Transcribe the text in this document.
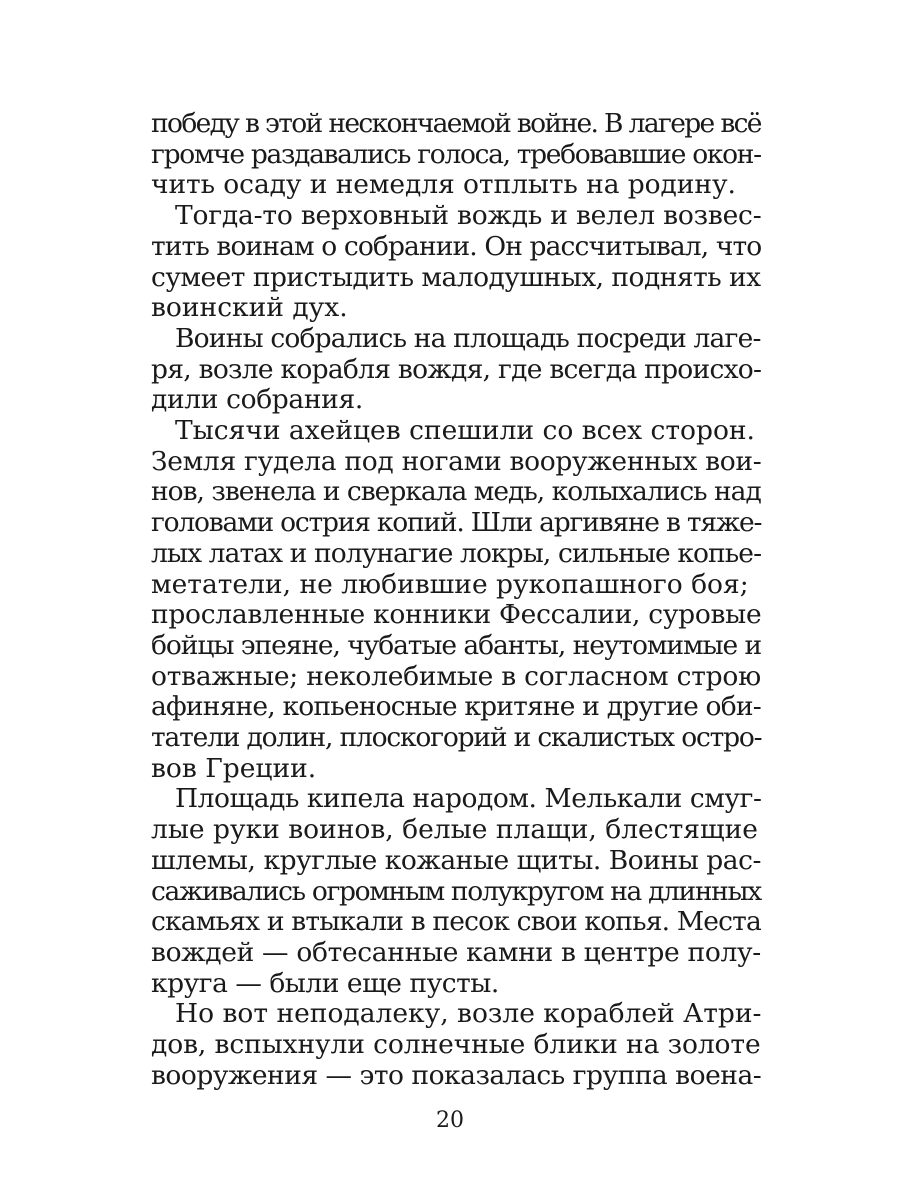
победу в этой нескончаемой войне. В лагере всё
громче раздавались голоса, требовавшие окон-
чить осаду и немедля отплыть на родину.
Тогда-то верховный вождь и велел возвес-
тить воинам о собрании. Он рассчитывал, что
сумеет пристыдить малодушных, поднять их
воинский дух.
Воины собрались на площадь посреди лаге-
ря, возле корабля вождя, где всегда происхо-
дили собрания.
Тысячи ахейцев спешили со всех сторон.
Земля гудела под ногами вооруженных вои-
нов, звенела и сверкала медь, колыхались над
головами острия копий. Шли аргивяне в тяже-
лых латах и полунагие локры, сильные копье-
метатели, не любившие рукопашного боя;
прославленные конники Фессалии, суровые
бойцы эпеяне, чубатые абанты, неутомимые и
отважные; неколебимые в согласном строю
афиняне, копьеносные критяне и другие оби-
татели долин, плоскогорий и скалистых остро-
вов Греции.
Площадь кипела народом. Мелькали смуг-
лые руки воинов, белые плащи, блестящие
шлемы, круглые кожаные щиты. Воины рас-
саживались огромным полукругом на длинных
скамьях и втыкали в песок свои копья. Места
вождей — обтесанные камни в центре полу-
круга — были еще пусты.
Но вот неподалеку, возле кораблей Атри-
дов, вспыхнули солнечные блики на золоте
вооружения — это показалась группа воена-
20
